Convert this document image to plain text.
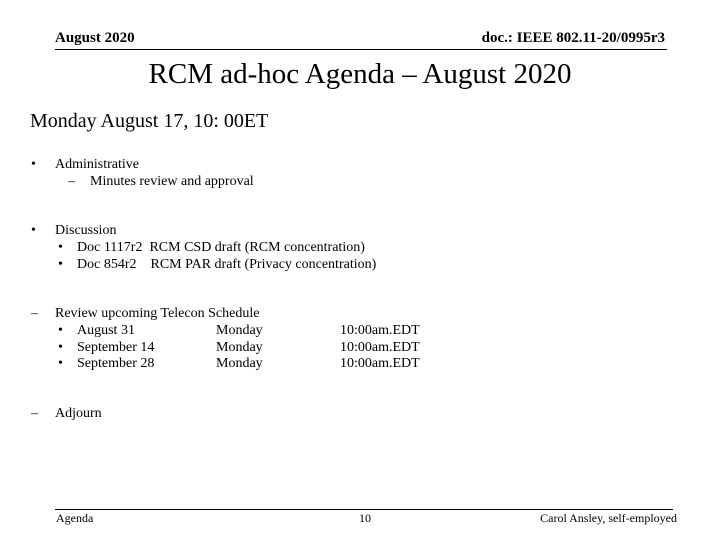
August 2020	doc.: IEEE 802.11-20/0995r3
RCM ad-hoc Agenda – August 2020
Monday August 17, 10: 00ET
• Administrative
– Minutes review and approval
• Discussion
• Doc 1117r2  RCM CSD draft (RCM concentration)
• Doc 854r2    RCM PAR draft (Privacy concentration)
– Review upcoming Telecon Schedule
• August 31	Monday	10:00am.EDT
• September 14	Monday	10:00am.EDT
• September 28	Monday	10:00am.EDT
– Adjourn
Agenda	10	Carol Ansley, self-employed
